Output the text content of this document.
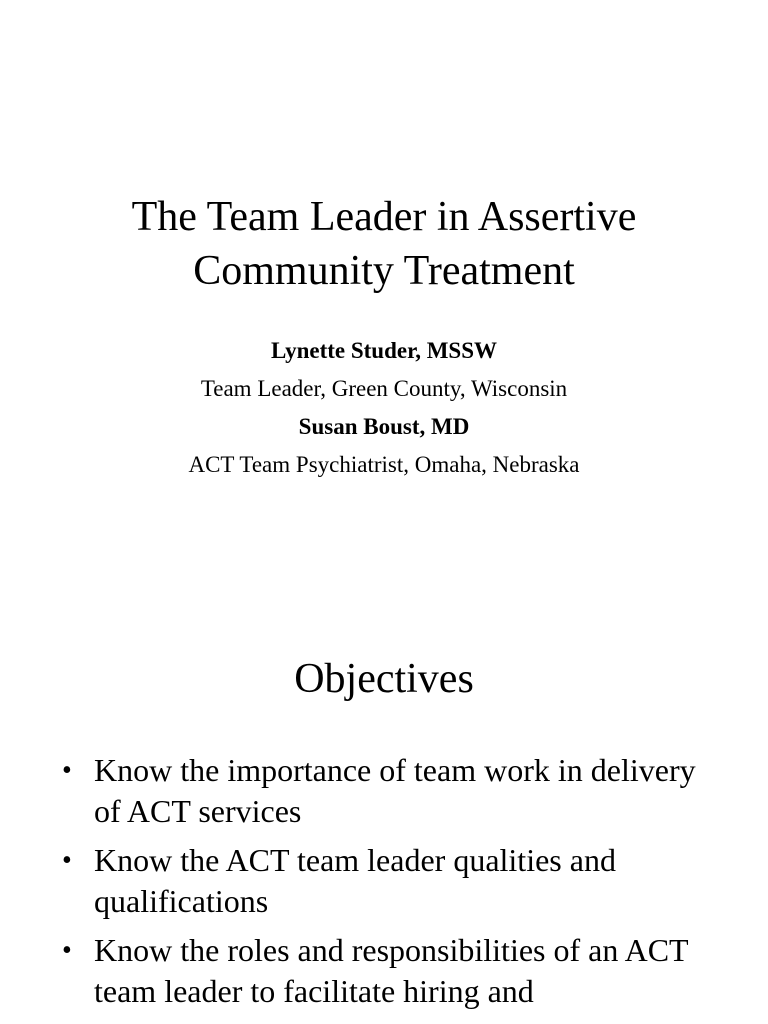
The Team Leader in Assertive
Community Treatment

Lynette Studer, MSSW

Team Leader, Green County, Wisconsin

Susan Boust, MD

ACT Team Psychiatrist, Omaha, Nebraska

Objectives
• Know the importance of team work in delivery of ACT services
• Know the ACT team leader qualities and qualifications
• Know the roles and responsibilities of an ACT team leader to facilitate hiring and
